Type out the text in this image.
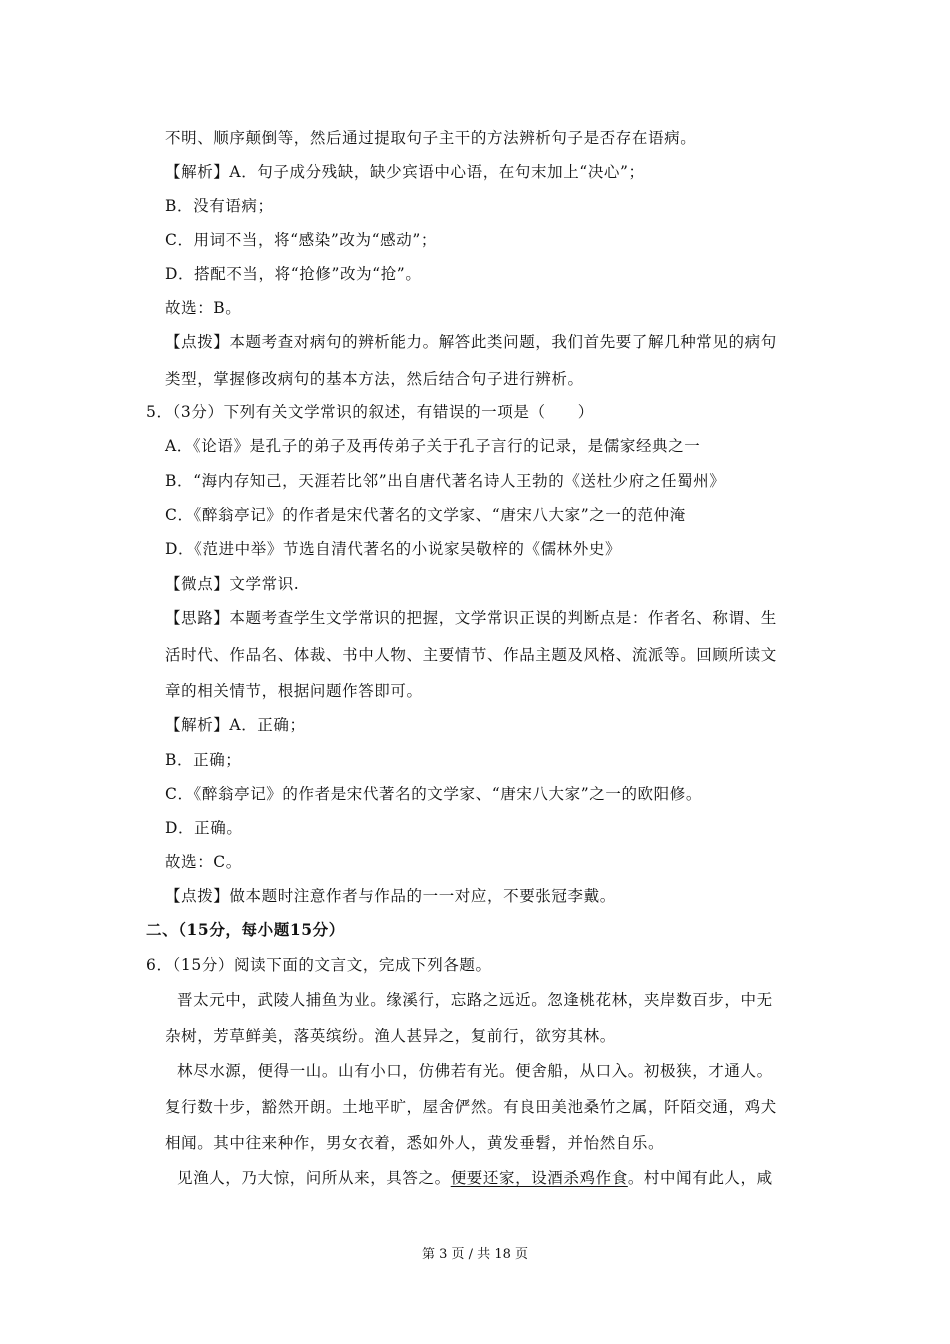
不明、顺序颠倒等，然后通过提取句子主干的方法辨析句子是否存在语病。
【解析】A．句子成分残缺，缺少宾语中心语，在句末加上“决心”；
B．没有语病；
C．用词不当，将“感染”改为“感动”；
D．搭配不当，将“抢修”改为“抢”。
故选：B。
【点拨】本题考查对病句的辨析能力。解答此类问题，我们首先要了解几种常见的病句
类型，掌握修改病句的基本方法，然后结合句子进行辨析。
5．（3分）下列有关文学常识的叙述，有错误的一项是（　　）
A．《论语》是孔子的弟子及再传弟子关于孔子言行的记录，是儒家经典之一
B．“海内存知己，天涯若比邻”出自唐代著名诗人王勃的《送杜少府之任蜀州》
C．《醉翁亭记》的作者是宋代著名的文学家、“唐宋八大家”之一的范仲淹
D．《范进中举》节选自清代著名的小说家吴敬梓的《儒林外史》
【微点】文学常识.
【思路】本题考查学生文学常识的把握，文学常识正误的判断点是：作者名、称谓、生
活时代、作品名、体裁、书中人物、主要情节、作品主题及风格、流派等。回顾所读文
章的相关情节，根据问题作答即可。
【解析】A．正确；
B．正确；
C．《醉翁亭记》的作者是宋代著名的文学家、“唐宋八大家”之一的欧阳修。
D．正确。
故选：C。
【点拨】做本题时注意作者与作品的一一对应，不要张冠李戴。
二、（15分，每小题15分）
6．（15分）阅读下面的文言文，完成下列各题。
晋太元中，武陵人捕鱼为业。缘溪行，忘路之远近。忽逢桃花林，夹岸数百步，中无
杂树，芳草鲜美，落英缤纷。渔人甚异之，复前行，欲穷其林。
林尽水源，便得一山。山有小口，仿佛若有光。便舍船，从口入。初极狭，才通人。
复行数十步，豁然开朗。土地平旷，屋舍俨然。有良田美池桑竹之属，阡陌交通，鸡犬
相闻。其中往来种作，男女衣着，悉如外人，黄发垂髫，并怡然自乐。
见渔人，乃大惊，问所从来，具答之。便要还家，设酒杀鸡作食。村中闻有此人，咸
第 3 页 / 共 18 页
